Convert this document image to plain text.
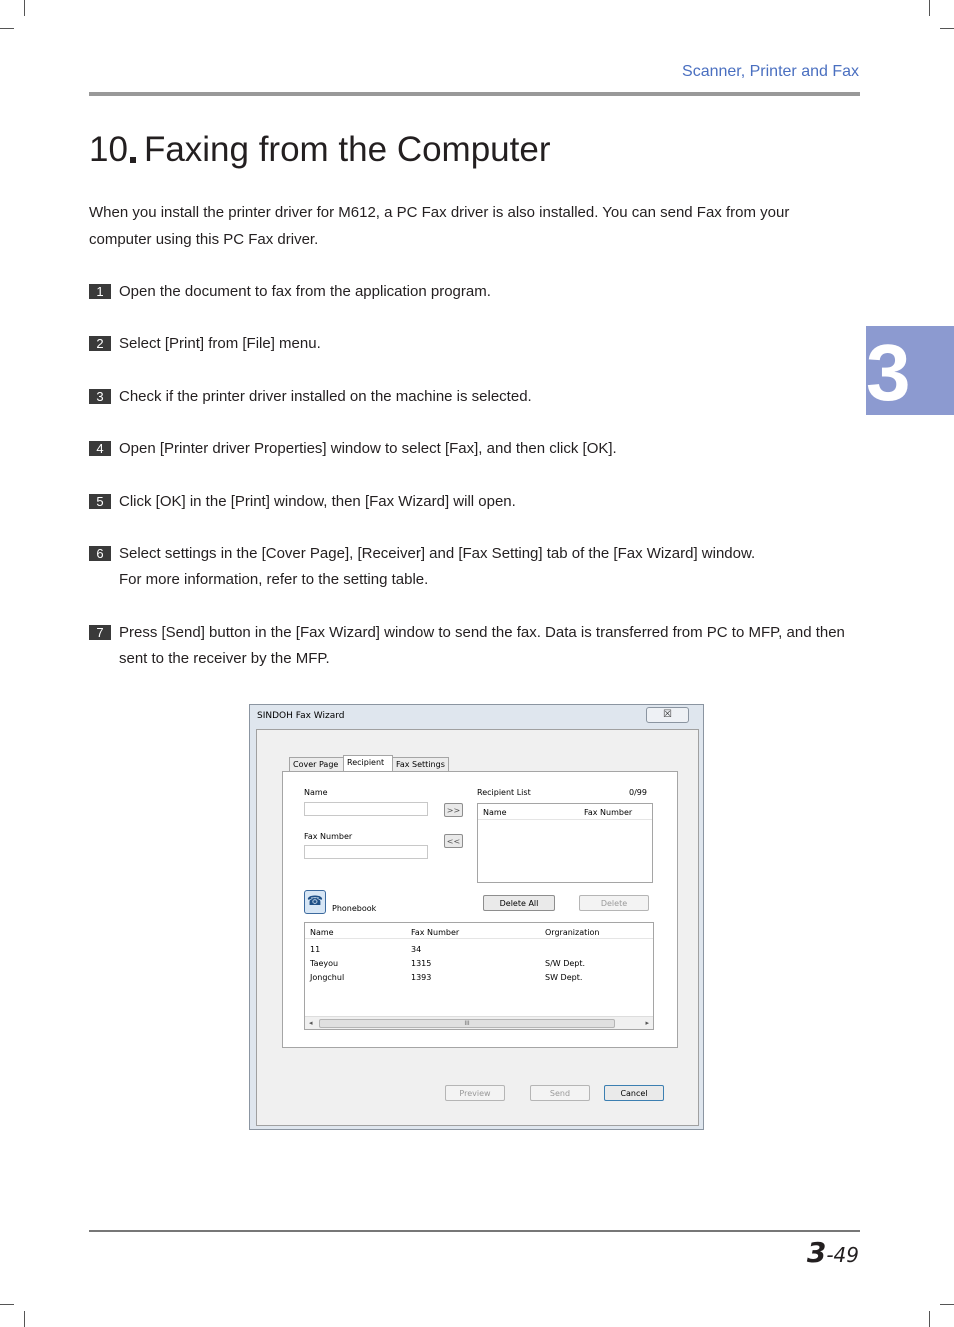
Scanner, Printer and Fax
10 Faxing from the Computer

When you install the printer driver for M612, a PC Fax driver is also installed. You can send Fax from your computer using this PC Fax driver.

1	Open the document to fax from the application program.
2	Select [Print] from [File] menu.
3	Check if the printer driver installed on the machine is selected.
4	Open [Printer driver Properties] window to select [Fax], and then click [OK].
5	Click [OK] in the [Print] window, then [Fax Wizard] will open.
6	Select settings in the [Cover Page], [Receiver] and [Fax Setting] tab of the [Fax Wizard] window.
For more information, refer to the setting table.
7	Press [Send] button in the [Fax Wizard] window to send the fax. Data is transferred from PC to MFP, and then sent to the receiver by the MFP.
3
SINDOH Fax Wizard	☒
Cover Page	Recipient	Fax Settings
Name
Fax Number
>>
<<
Recipient List	0/99
Name	Fax Number
Delete All	Delete
☎	Phonebook
Name	Fax Number	Orgranization
11	34
Taeyou	1315	S/W Dept.
Jongchul	1393	SW Dept.
◂	III	▸
Preview	Send	Cancel
3-49
